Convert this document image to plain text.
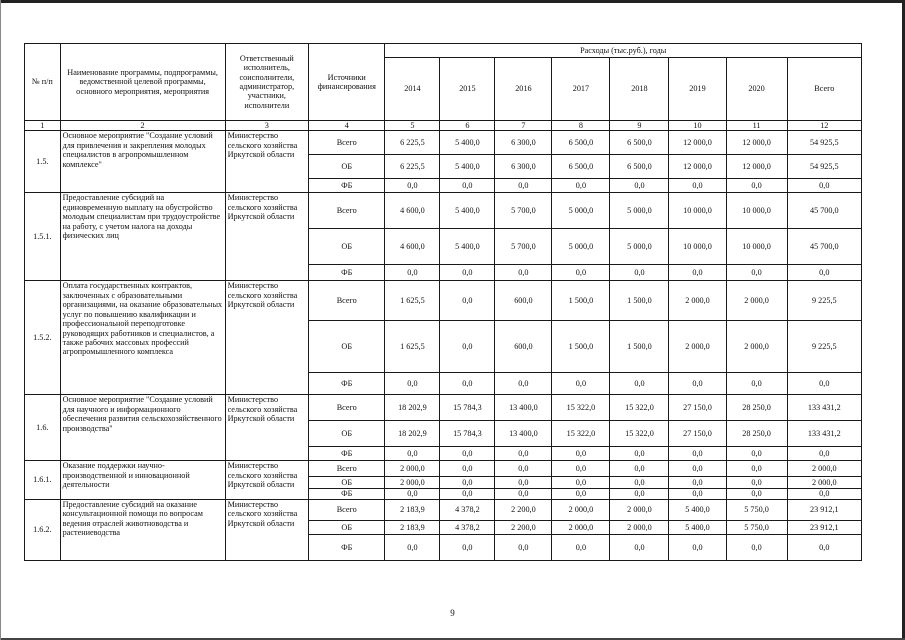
№ п/п	Наименование программы, подпрограммы, ведомственной целевой программы, основного мероприятия, мероприятия	Ответственный исполнитель, соисполнители, администратор, участники, исполнители	Источники финансирования	Расходы (тыс.руб.), годы							
				2014	2015	2016	2017	2018	2019	2020	Всего
1	2	3	4	5	6	7	8	9	10	11	12
1.5.	Основное мероприятие "Создание условий для привлечения и закрепления молодых специалистов в агропромышленном комплексе"	Министерство сельского хозяйства Иркутской области	Всего	6 225,5	5 400,0	6 300,0	6 500,0	6 500,0	12 000,0	12 000,0	54 925,5
			ОБ	6 225,5	5 400,0	6 300,0	6 500,0	6 500,0	12 000,0	12 000,0	54 925,5
			ФБ	0,0	0,0	0,0	0,0	0,0	0,0	0,0	0,0
1.5.1.	Предоставление субсидий на единовременную выплату на обустройство молодым специалистам при трудоустройстве на работу, с учетом налога на доходы физических лиц	Министерство сельского хозяйства Иркутской области	Всего	4 600,0	5 400,0	5 700,0	5 000,0	5 000,0	10 000,0	10 000,0	45 700,0
			ОБ	4 600,0	5 400,0	5 700,0	5 000,0	5 000,0	10 000,0	10 000,0	45 700,0
			ФБ	0,0	0,0	0,0	0,0	0,0	0,0	0,0	0,0
1.5.2.	Оплата государственных контрактов, заключенных с образовательными организациями, на оказание образовательных услуг по повышению квалификации и профессиональной переподготовке руководящих работников и специалистов, а также рабочих массовых профессий агропромышленного комплекса	Министерство сельского хозяйства Иркутской области	Всего	1 625,5	0,0	600,0	1 500,0	1 500,0	2 000,0	2 000,0	9 225,5
			ОБ	1 625,5	0,0	600,0	1 500,0	1 500,0	2 000,0	2 000,0	9 225,5
			ФБ	0,0	0,0	0,0	0,0	0,0	0,0	0,0	0,0
1.6.	Основное мероприятие "Создание условий для научного и информационного обеспечения развития сельскохозяйственного производства"	Министерство сельского хозяйства Иркутской области	Всего	18 202,9	15 784,3	13 400,0	15 322,0	15 322,0	27 150,0	28 250,0	133 431,2
			ОБ	18 202,9	15 784,3	13 400,0	15 322,0	15 322,0	27 150,0	28 250,0	133 431,2
			ФБ	0,0	0,0	0,0	0,0	0,0	0,0	0,0	0,0
1.6.1.	Оказание поддержки научно-производственной и инновационной деятельности	Министерство сельского хозяйства Иркутской области	Всего	2 000,0	0,0	0,0	0,0	0,0	0,0	0,0	2 000,0
			ОБ	2 000,0	0,0	0,0	0,0	0,0	0,0	0,0	2 000,0
			ФБ	0,0	0,0	0,0	0,0	0,0	0,0	0,0	0,0
1.6.2.	Предоставление субсидий на оказание консультационной помощи по вопросам ведения отраслей животноводства и растениеводства	Министерство сельского хозяйства Иркутской области	Всего	2 183,9	4 378,2	2 200,0	2 000,0	2 000,0	5 400,0	5 750,0	23 912,1
			ОБ	2 183,9	4 378,2	2 200,0	2 000,0	2 000,0	5 400,0	5 750,0	23 912,1
			ФБ	0,0	0,0	0,0	0,0	0,0	0,0	0,0	0,0
9
